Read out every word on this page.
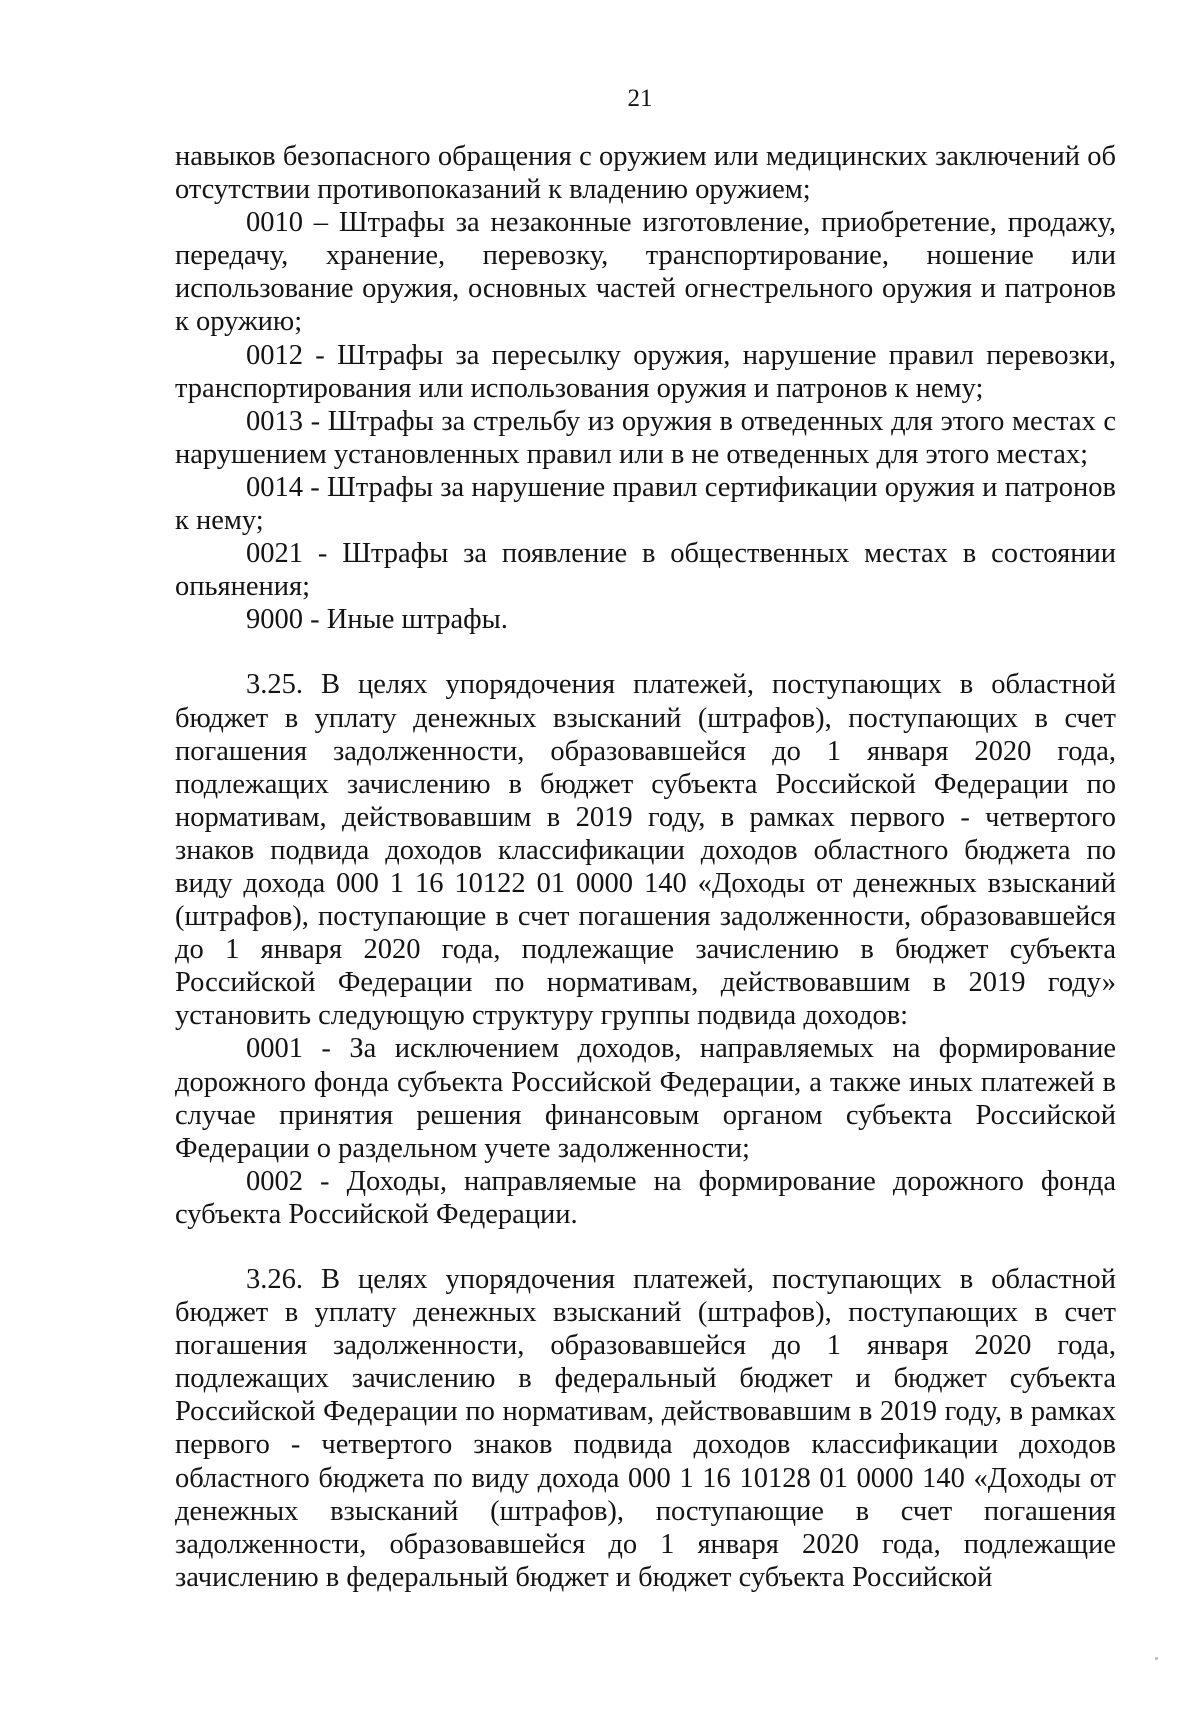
21

навыков безопасного обращения с оружием или медицинских заключений об отсутствии противопоказаний к владению оружием;

0010 – Штрафы за незаконные изготовление, приобретение, продажу, передачу, хранение, перевозку, транспортирование, ношение или использование оружия, основных частей огнестрельного оружия и патронов к оружию;

0012 - Штрафы за пересылку оружия, нарушение правил перевозки, транспортирования или использования оружия и патронов к нему;

0013 - Штрафы за стрельбу из оружия в отведенных для этого местах с нарушением установленных правил или в не отведенных для этого местах;

0014 - Штрафы за нарушение правил сертификации оружия и патронов к нему;

0021 - Штрафы за появление в общественных местах в состоянии опьянения;

9000 - Иные штрафы.

3.25. В целях упорядочения платежей, поступающих в областной бюджет в уплату денежных взысканий (штрафов), поступающих в счет погашения задолженности, образовавшейся до 1 января 2020 года, подлежащих зачислению в бюджет субъекта Российской Федерации по нормативам, действовавшим в 2019 году, в рамках первого - четвертого знаков подвида доходов классификации доходов областного бюджета по виду дохода 000 1 16 10122 01 0000 140 «Доходы от денежных взысканий (штрафов), поступающие в счет погашения задолженности, образовавшейся до 1 января 2020 года, подлежащие зачислению в бюджет субъекта Российской Федерации по нормативам, действовавшим в 2019 году» установить следующую структуру группы подвида доходов:

0001 - За исключением доходов, направляемых на формирование дорожного фонда субъекта Российской Федерации, а также иных платежей в случае принятия решения финансовым органом субъекта Российской Федерации о раздельном учете задолженности;

0002 - Доходы, направляемые на формирование дорожного фонда субъекта Российской Федерации.

3.26. В целях упорядочения платежей, поступающих в областной бюджет в уплату денежных взысканий (штрафов), поступающих в счет погашения задолженности, образовавшейся до 1 января 2020 года, подлежащих зачислению в федеральный бюджет и бюджет субъекта Российской Федерации по нормативам, действовавшим в 2019 году, в рамках первого - четвертого знаков подвида доходов классификации доходов областного бюджета по виду дохода 000 1 16 10128 01 0000 140 «Доходы от денежных взысканий (штрафов), поступающие в счет погашения задолженности, образовавшейся до 1 января 2020 года, подлежащие зачислению в федеральный бюджет и бюджет субъекта Российской
